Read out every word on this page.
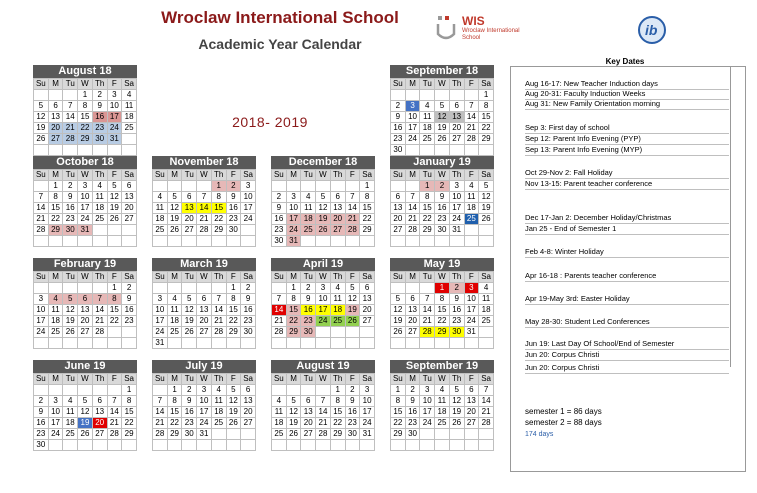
Wroclaw International School
Academic Year Calendar
2018- 2019
WIS
Wroclaw International School	ib
August 18
Su	M	Tu	W	Th	F	Sa
			1	2	3	4
5	6	7	8	9	10	11
12	13	14	15	16	17	18
19	20	21	22	23	24	25
26	27	28	29	30	31	

September 18
Su	M	Tu	W	Th	F	Sa
						1
2	3	4	5	6	7	8
9	10	11	12	13	14	15
16	17	18	19	20	21	22
23	24	25	26	27	28	29
30						
October 18
Su	M	Tu	W	Th	F	Sa
	1	2	3	4	5	6
7	8	9	10	11	12	13
14	15	16	17	18	19	20
21	22	23	24	25	26	27
28	29	30	31			

November 18
Su	M	Tu	W	Th	F	Sa
				1	2	3
4	5	6	7	8	9	10
11	12	13	14	15	16	17
18	19	20	21	22	23	24
25	26	27	28	29	30	

December 18
Su	M	Tu	W	Th	F	Sa
						1
2	3	4	5	6	7	8
9	10	11	12	13	14	15
16	17	18	19	20	21	22
23	24	25	26	27	28	29
30	31					
January 19
Su	M	Tu	W	Th	F	Sa
		1	2	3	4	5
6	7	8	9	10	11	12
13	14	15	16	17	18	19
20	21	22	23	24	25	26
27	28	29	30	31		

February 19
Su	M	Tu	W	Th	F	Sa
					1	2
3	4	5	6	7	8	9
10	11	12	13	14	15	16
17	18	19	20	21	22	23
24	25	26	27	28		

March 19
Su	M	Tu	W	Th	F	Sa
					1	2
3	4	5	6	7	8	9
10	11	12	13	14	15	16
17	18	19	20	21	22	23
24	25	26	27	28	29	30
31						
April 19
Su	M	Tu	W	Th	F	Sa
	1	2	3	4	5	6
7	8	9	10	11	12	13
14	15	16	17	18	19	20
21	22	23	24	25	26	27
28	29	30				

May 19
Su	M	Tu	W	Th	F	Sa
			1	2	3	4
5	6	7	8	9	10	11
12	13	14	15	16	17	18
19	20	21	22	23	24	25
26	27	28	29	30	31	

June 19
Su	M	Tu	W	Th	F	Sa
						1
2	3	4	5	6	7	8
9	10	11	12	13	14	15
16	17	18	19	20	21	22
23	24	25	26	27	28	29
30						
July 19
Su	M	Tu	W	Th	F	Sa
	1	2	3	4	5	6
7	8	9	10	11	12	13
14	15	16	17	18	19	20
21	22	23	24	25	26	27
28	29	30	31			

August 19
Su	M	Tu	W	Th	F	Sa
				1	2	3
4	5	6	7	8	9	10
11	12	13	14	15	16	17
18	19	20	21	22	23	24
25	26	27	28	29	30	31

September 19
Su	M	Tu	W	Th	F	Sa
1	2	3	4	5	6	7
8	9	10	11	12	13	14
15	16	17	18	19	20	21
22	23	24	25	26	27	28
29	30					

Key Dates
Aug 16-17: New Teacher Induction days
Aug 20-31: Faculty Induction Weeks
Aug 31: New Family Orientation morning
Sep 3: First day of school
Sep 12: Parent Info Evening (PYP)
Sep 13: Parent Info Evening (MYP)
Oct 29-Nov 2: Fall Holiday
Nov 13-15: Parent teacher conference
Dec 17-Jan 2: December Holiday/Christmas
Jan 25 - End of Semester 1
Feb 4-8: Winter Holiday
Apr 16-18 : Parents teacher conference
Apr 19-May 3rd: Easter Holiday
May 28-30: Student Led Conferences
Jun 19: Last Day Of School/End of Semester
Jun 20: Corpus Christi
Jun 20: Corpus Christi
semester 1 = 86 days
semester 2 = 88 days
174 days
